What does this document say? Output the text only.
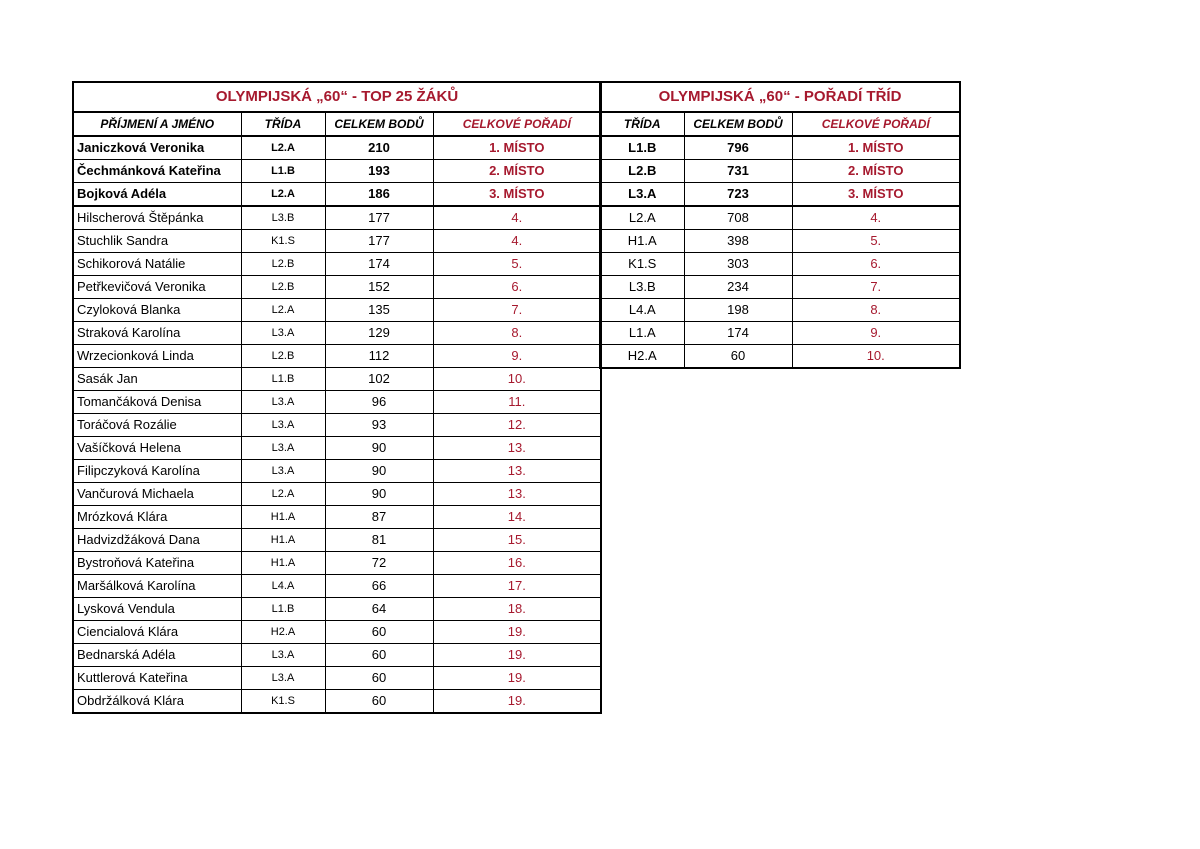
OLYMPIJSKÁ „60“ - TOP 25 ŽÁKŮ			
PŘÍJMENÍ A JMÉNO	TŘÍDA	CELKEM BODŮ	CELKOVÉ POŘADÍ
Janiczková Veronika	L2.A	210	1. MÍSTO
Čechmánková Kateřina	L1.B	193	2. MÍSTO
Bojková Adéla	L2.A	186	3. MÍSTO
Hilscherová Štěpánka	L3.B	177	4.
Stuchlik Sandra	K1.S	177	4.
Schikorová Natálie	L2.B	174	5.
Petřkevičová Veronika	L2.B	152	6.
Czyloková Blanka	L2.A	135	7.
Straková Karolína	L3.A	129	8.
Wrzecionková Linda	L2.B	112	9.
Sasák Jan	L1.B	102	10.
Tomančáková Denisa	L3.A	96	11.
Toráčová Rozálie	L3.A	93	12.
Vašíčková Helena	L3.A	90	13.
Filipczyková Karolína	L3.A	90	13.
Vančurová Michaela	L2.A	90	13.
Mrózková Klára	H1.A	87	14.
Hadvizdžáková Dana	H1.A	81	15.
Bystroňová Kateřina	H1.A	72	16.
Maršálková Karolína	L4.A	66	17.
Lysková Vendula	L1.B	64	18.
Ciencialová Klára	H2.A	60	19.
Bednarská Adéla	L3.A	60	19.
Kuttlerová Kateřina	L3.A	60	19.
Obdržálková Klára	K1.S	60	19.
OLYMPIJSKÁ „60“ - POŘADÍ TŘÍD		
TŘÍDA	CELKEM BODŮ	CELKOVÉ POŘADÍ
L1.B	796	1. MÍSTO
L2.B	731	2. MÍSTO
L3.A	723	3. MÍSTO
L2.A	708	4.
H1.A	398	5.
K1.S	303	6.
L3.B	234	7.
L4.A	198	8.
L1.A	174	9.
H2.A	60	10.
